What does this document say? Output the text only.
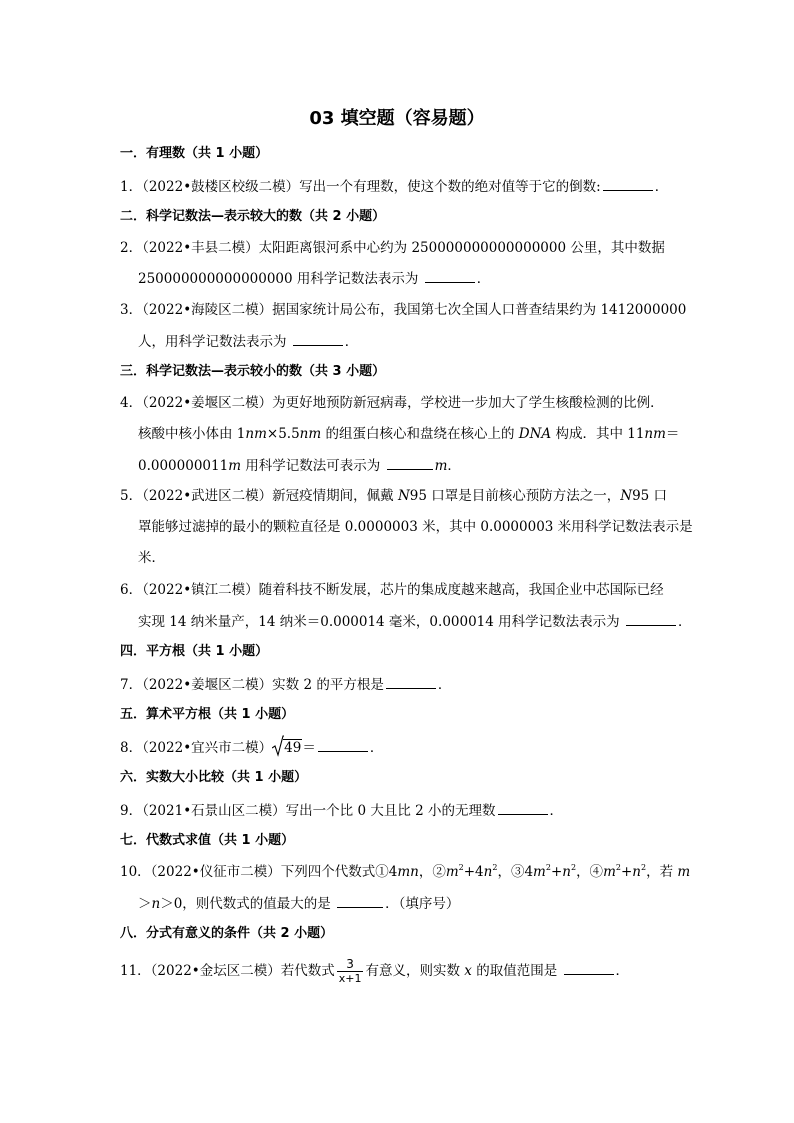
03 填空题（容易题）
一．有理数（共 1 小题）
1．（2022•鼓楼区校级二模）写出一个有理数，使这个数的绝对值等于它的倒数:	．
二．科学记数法—表示较大的数（共 2 小题）
2．（2022•丰县二模）太阳距离银河系中心约为 250000000000000000 公里，其中数据
250000000000000000 用科学记数法表示为	．
3．（2022•海陵区二模）据国家统计局公布，我国第七次全国人口普查结果约为 1412000000
人，用科学记数法表示为	．
三．科学记数法—表示较小的数（共 3 小题）
4．（2022•姜堰区二模）为更好地预防新冠病毒，学校进一步加大了学生核酸检测的比例．
核酸中核小体由 1nm×5.5nm 的组蛋白核心和盘绕在核心上的 DNA 构成．其中 11nm＝
0.000000011m 用科学记数法可表示为	m．
5．（2022•武进区二模）新冠疫情期间，佩戴 N95 口罩是目前核心预防方法之一，N95 口
罩能够过滤掉的最小的颗粒直径是 0.0000003 米，其中 0.0000003 米用科学记数法表示是
米．
6．（2022•镇江二模）随着科技不断发展，芯片的集成度越来越高，我国企业中芯国际已经
实现 14 纳米量产，14 纳米＝0.000014 毫米，0.000014 用科学记数法表示为	．
四．平方根（共 1 小题）
7．（2022•姜堰区二模）实数 2 的平方根是	．
五．算术平方根（共 1 小题）
8．（2022•宜兴市二模） 49＝	．
六．实数大小比较（共 1 小题）
9．（2021•石景山区二模）写出一个比 0 大且比 2 小的无理数	．
七．代数式求值（共 1 小题）
10．（2022•仪征市二模）下列四个代数式①4mn，$②m^2+4n^2$，$③4m^2+n^2$，$④m^2+n^2$，若 m
＞n＞0，则代数式的值最大的是	．（填序号）
八．分式有意义的条件（共 2 小题）
11．（2022•金坛区二模）若代数式 $\frac{3}{x+1}$ 有意义，则实数 x 的取值范围是	．
